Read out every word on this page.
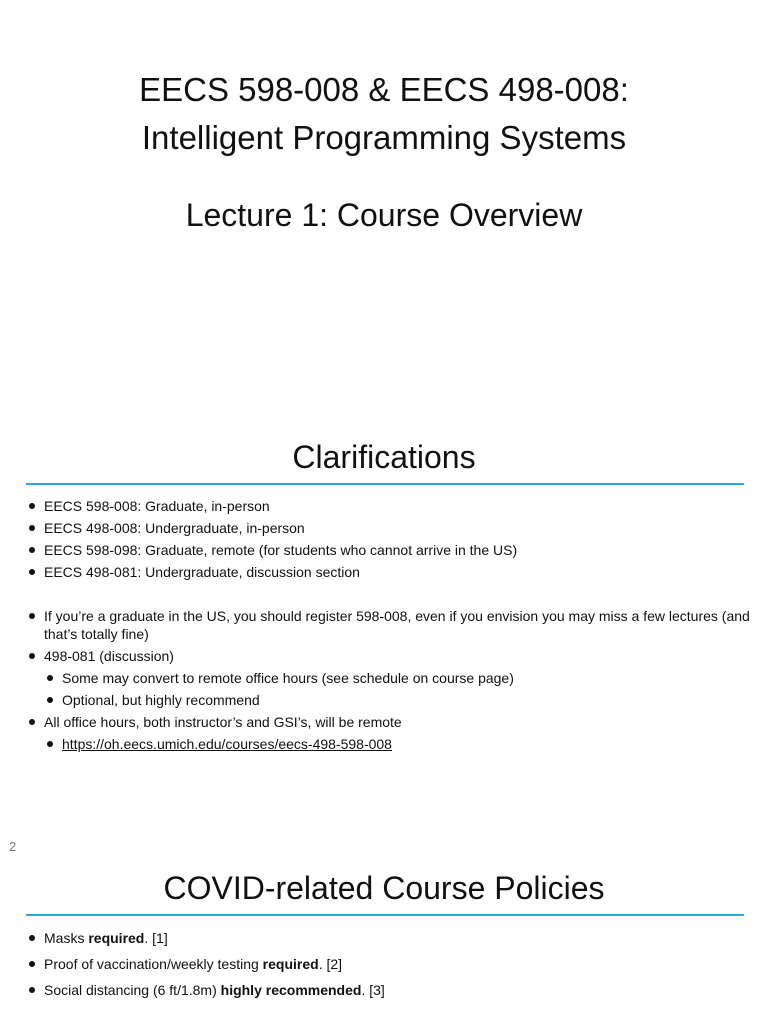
EECS 598-008 & EECS 498-008:
Intelligent Programming Systems
Lecture 1: Course Overview
Clarifications
EECS 598-008: Graduate, in-person
EECS 498-008: Undergraduate, in-person
EECS 598-098: Graduate, remote (for students who cannot arrive in the US)
EECS 498-081: Undergraduate, discussion section
If you’re a graduate in the US, you should register 598-008, even if you envision you may miss a few lectures (and that’s totally fine)
498-081 (discussion)
Some may convert to remote office hours (see schedule on course page)
Optional, but highly recommend
All office hours, both instructor’s and GSI’s, will be remote
https://oh.eecs.umich.edu/courses/eecs-498-598-008
2
COVID-related Course Policies
Masks required. [1]
Proof of vaccination/weekly testing required. [2]
Social distancing (6 ft/1.8m) highly recommended. [3]
